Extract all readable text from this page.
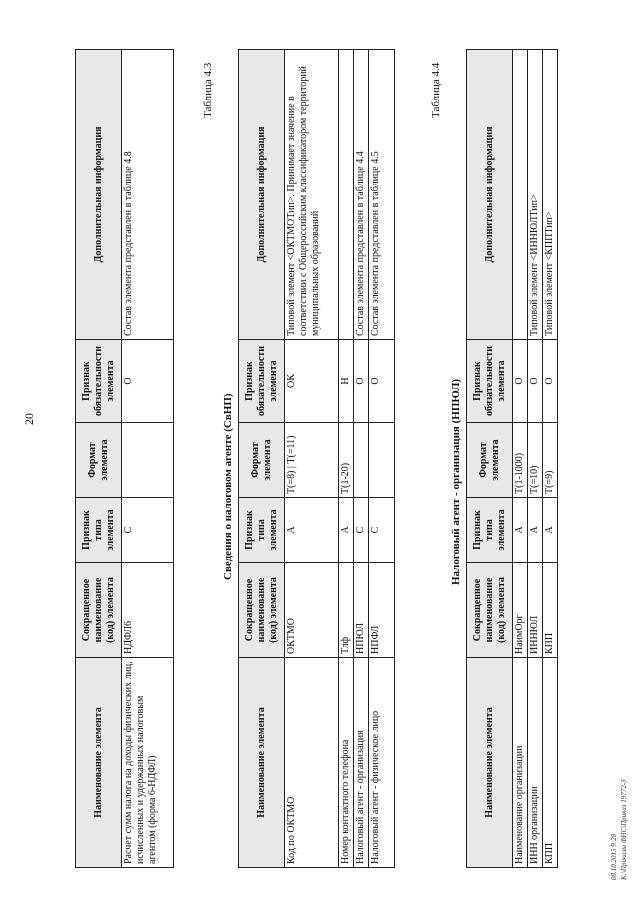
20
Наименование элемента	Сокращенное наименование (код) элемента	Признак типа элемента	Формат элемента	Признак обязательности элемента	Дополнительная информация
Расчет сумм налога на доходы физических лиц, исчисленных и удержанных налоговым агентом (форма 6-НДФЛ)	НДФЛ6	С		О	Состав элемента представлен в таблице 4.8
Таблица 4.3
Сведения о налоговом агенте (СвНП)
Наименование элемента	Сокращенное наименование (код) элемента	Признак типа элемента	Формат элемента	Признак обязательности элемента	Дополнительная информация
Код по ОКТМО	ОКТМО	А	Т(=8) | Т(=11)	ОК	Типовой элемент <ОКТМОТип>. Принимает значение в соответствии с Общероссийским классификатором территорий муниципальных образований
Номер контактного телефона	Тлф	А	Т(1-20)	Н	
Налоговый агент - организация	НПЮЛ	С		О	Состав элемента представлен в таблице 4.4
Налоговый агент - физическое лицо	НПФЛ	С		О	Состав элемента представлен в таблице 4.5
Таблица 4.4
Налоговый агент - организация (НПЮЛ)
Наименование элемента	Сокращенное наименование (код) элемента	Признак типа элемента	Формат элемента	Признак обязательности элемента	Дополнительная информация
Наименование организации	НаимОрг	А	Т(1-1000)	О	
ИНН организации	ИННЮЛ	А	Т(=10)	О	Типовой элемент <ИННЮЛТип>
КПП	КПП	А	Т(=9)	О	Типовой элемент <КППТип>
08.10.2015 9:28 К:\Приказы ФНС\Приказ 19772-3
